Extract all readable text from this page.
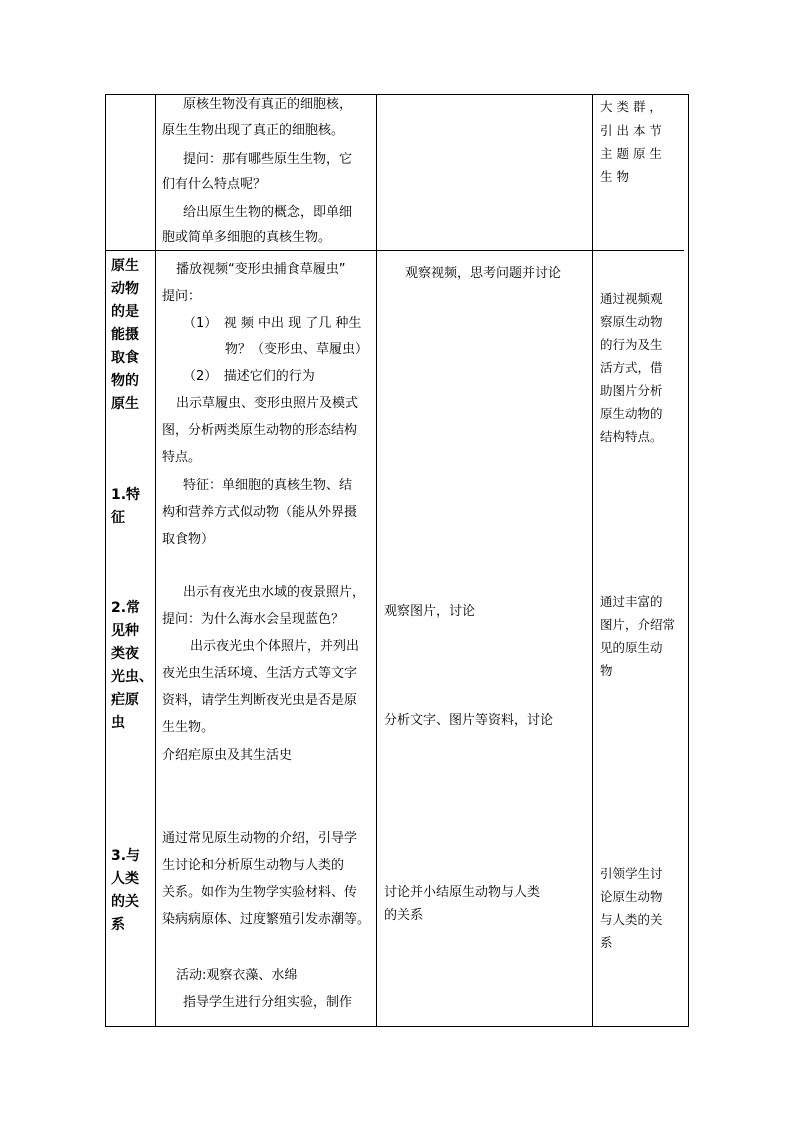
原核生物没有真正的细胞核，
原生生物出现了真正的细胞核。
提问：那有哪些原生生物，它
们有什么特点呢？
给出原生生物的概念，即单细
胞或简单多细胞的真核生物。
大 类 群 ，
引 出 本 节
主 题 原 生
生 物
原生
动物
的是
能摄
取食
物的
原生
1.特
征
2.常
见种
类夜
光虫、
疟原
虫
3.与
人类
的关
系
播放视频“变形虫捕食草履虫”
提问：
（1）　视 频 中出 现 了几 种生
物？（变形虫、草履虫）
（2）　描述它们的行为
出示草履虫、变形虫照片及模式
图，分析两类原生动物的形态结构
特点。
特征：单细胞的真核生物、结
构和营养方式似动物（能从外界摄
取食物）
出示有夜光虫水域的夜景照片，
提问：为什么海水会呈现蓝色？
出示夜光虫个体照片，并列出
夜光虫生活环境、生活方式等文字
资料，请学生判断夜光虫是否是原
生生物。
介绍疟原虫及其生活史
通过常见原生动物的介绍，引导学
生讨论和分析原生动物与人类的
关系。如作为生物学实验材料、传
染病病原体、过度繁殖引发赤潮等。
活动:观察衣藻、水绵
指导学生进行分组实验，制作
观察视频，思考问题并讨论
观察图片，讨论
分析文字、图片等资料，讨论
讨论并小结原生动物与人类
的关系
通过视频观
察原生动物
的行为及生
活方式，借
助图片分析
原生动物的
结构特点。
通过丰富的
图片，介绍常
见的原生动
物
引领学生讨
论原生动物
与人类的关
系
